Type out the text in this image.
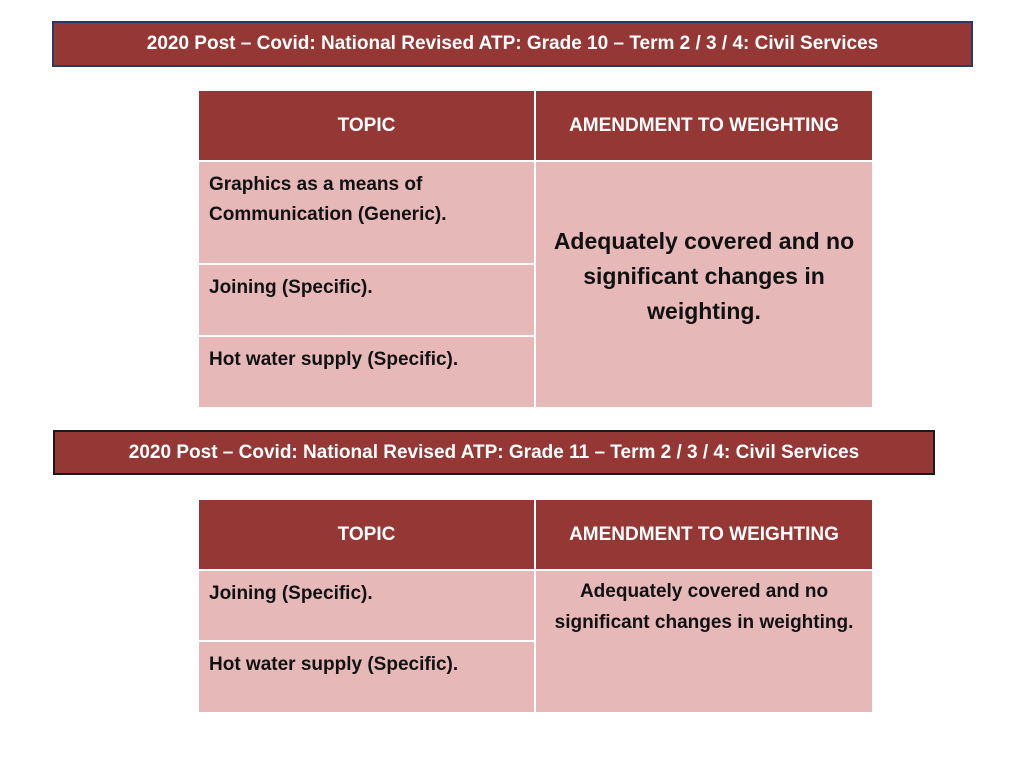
2020 Post – Covid: National Revised ATP: Grade 10 – Term 2 / 3 / 4: Civil Services
TOPIC	AMENDMENT TO WEIGHTING
Graphics as a means of Communication (Generic).	Adequately covered and no significant changes in weighting.
Joining (Specific).	
Hot water supply (Specific).	
2020 Post – Covid: National Revised ATP: Grade 11 – Term 2 / 3 / 4: Civil Services
TOPIC	AMENDMENT TO WEIGHTING
Joining (Specific).	Adequately covered and no significant changes in weighting.
Hot water supply (Specific).	
